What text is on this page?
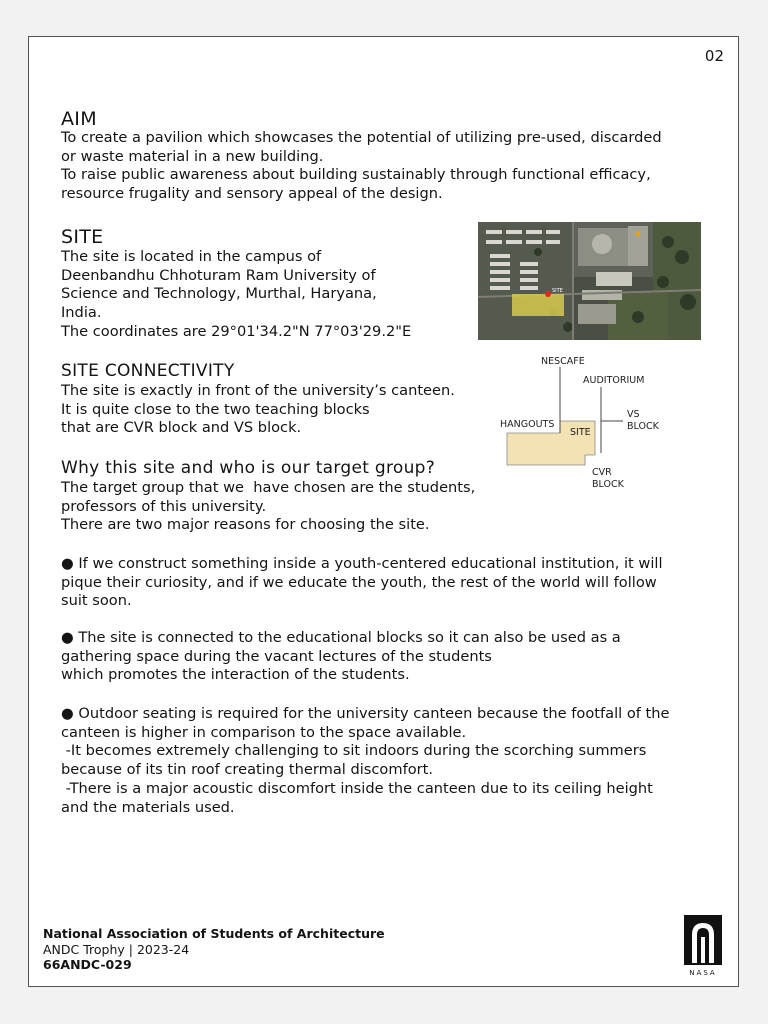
02
AIM
To create a pavilion which showcases the potential of utilizing pre-used, discarded
or waste material in a new building.
To raise public awareness about building sustainably through functional efficacy,
resource frugality and sensory appeal of the design.
SITE
The site is located in the campus of
Deenbandhu Chhoturam Ram University of
Science and Technology, Murthal, Haryana,
India.
The coordinates are 29°01'34.2"N 77°03'29.2"E
SITE
SITE CONNECTIVITY
The site is exactly in front of the university’s canteen.
It is quite close to the two teaching blocks
that are CVR block and VS block.
NESCAFE
AUDITORIUM
VS
BLOCK
HANGOUTS
SITE
CVR
BLOCK
Why this site and who is our target group?
The target group that we  have chosen are the students,
professors of this university.
There are two major reasons for choosing the site.
● If we construct something inside a youth-centered educational institution, it will
pique their curiosity, and if we educate the youth, the rest of the world will follow
suit soon.
● The site is connected to the educational blocks so it can also be used as a
gathering space during the vacant lectures of the students
which promotes the interaction of the students.
● Outdoor seating is required for the university canteen because the footfall of the
canteen is higher in comparison to the space available.
-It becomes extremely challenging to sit indoors during the scorching summers
because of its tin roof creating thermal discomfort.
-There is a major acoustic discomfort inside the canteen due to its ceiling height
and the materials used.
National Association of Students of Architecture
ANDC Trophy | 2023-24
66ANDC-029
NASA
